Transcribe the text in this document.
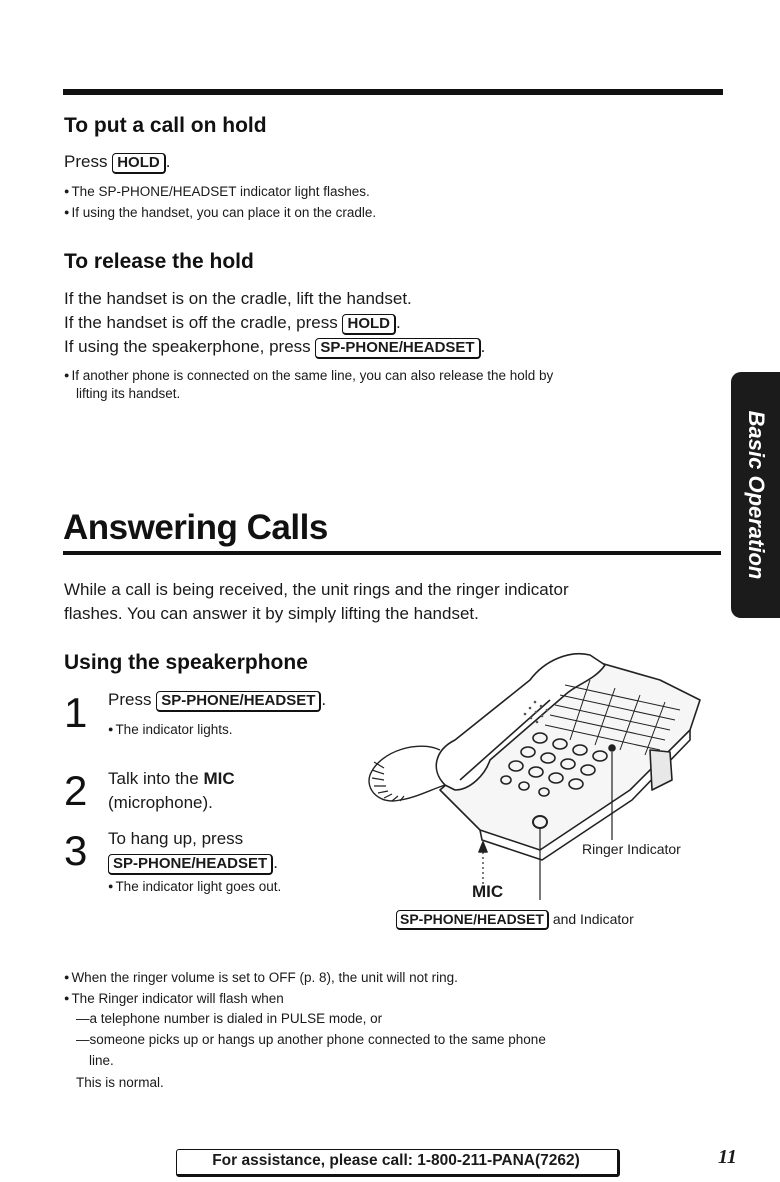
To put a call on hold
Press HOLD .
● The SP-PHONE/HEADSET indicator light flashes.
● If using the handset, you can place it on the cradle.
To release the hold
If the handset is on the cradle, lift the handset.
If the handset is off the cradle, press HOLD .
If using the speakerphone, press SP-PHONE/HEADSET .
● If another phone is connected on the same line, you can also release the hold by
lifting its handset.
Basic Operation
Answering Calls
While a call is being received, the unit rings and the ringer indicator
flashes. You can answer it by simply lifting the handset.
Using the speakerphone
1 Press SP-PHONE/HEADSET .
● The indicator lights.
2 Talk into the MIC
(microphone).
3 To hang up, press
SP-PHONE/HEADSET .
● The indicator light goes out.
Ringer Indicator
MIC
SP-PHONE/HEADSET and Indicator
● When the ringer volume is set to OFF (p. 8), the unit will not ring.
● The Ringer indicator will flash when
—a telephone number is dialed in PULSE mode, or
—someone picks up or hangs up another phone connected to the same phone
line.
This is normal.
For assistance, please call: 1-800-211-PANA(7262)	11
